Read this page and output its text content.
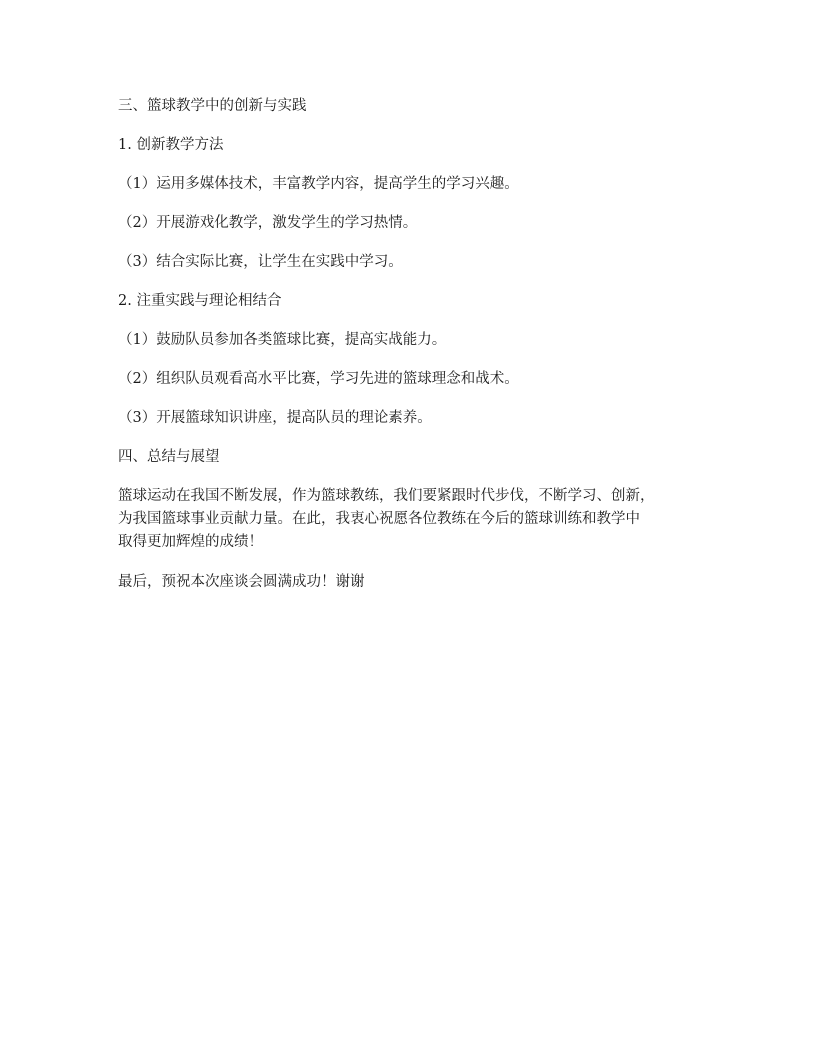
三、篮球教学中的创新与实践

1. 创新教学方法

（1）运用多媒体技术，丰富教学内容，提高学生的学习兴趣。

（2）开展游戏化教学，激发学生的学习热情。

（3）结合实际比赛，让学生在实践中学习。

2. 注重实践与理论相结合

（1）鼓励队员参加各类篮球比赛，提高实战能力。

（2）组织队员观看高水平比赛，学习先进的篮球理念和战术。

（3）开展篮球知识讲座，提高队员的理论素养。

四、总结与展望

篮球运动在我国不断发展，作为篮球教练，我们要紧跟时代步伐，不断学习、创新，
为我国篮球事业贡献力量。在此，我衷心祝愿各位教练在今后的篮球训练和教学中
取得更加辉煌的成绩！

最后，预祝本次座谈会圆满成功！谢谢
